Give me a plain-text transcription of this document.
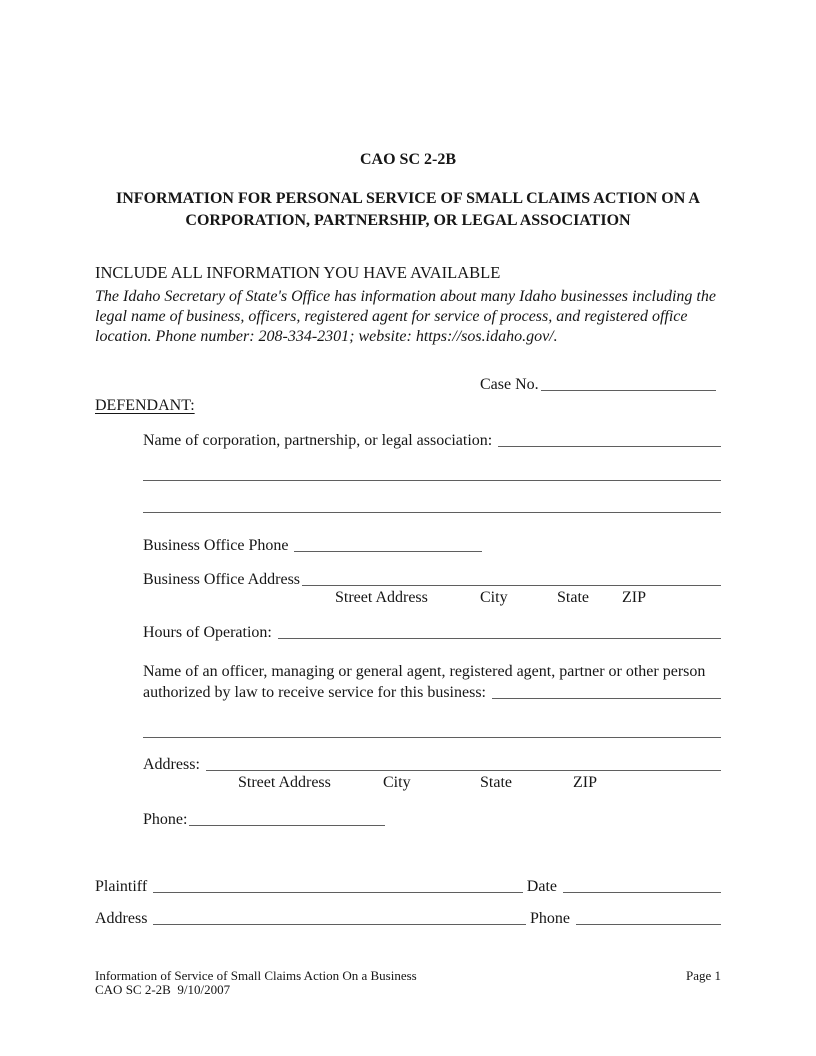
CAO SC 2-2B
INFORMATION FOR PERSONAL SERVICE OF SMALL CLAIMS ACTION ON A
CORPORATION, PARTNERSHIP, OR LEGAL ASSOCIATION
INCLUDE ALL INFORMATION YOU HAVE AVAILABLE
The Idaho Secretary of State's Office has information about many Idaho businesses including the
legal name of business, officers, registered agent for service of process, and registered office
location. Phone number: 208-334-2301; website: https://sos.idaho.gov/.
Case No.
DEFENDANT:
Name of corporation, partnership, or legal association:
Business Office Phone
Business Office Address
Street Address	City	State ZIP
Hours of Operation:
Name of an officer, managing or general agent, registered agent, partner or other person
authorized by law to receive service for this business:
Address:
Street Address	City	State	ZIP
Phone:
Plaintiff	Date
Address	Phone
Information of Service of Small Claims Action On a Business
CAO SC 2-2B  9/10/2007
Page 1
